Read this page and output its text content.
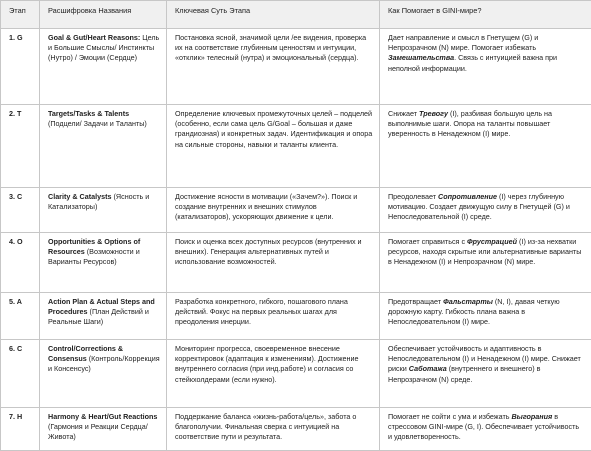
Этап	Расшифровка Названия	Ключевая Суть Этапа	Как Помогает в GINI-мире?
1. G	Goal & Gut/Heart Reasons: Цель и Большие Смыслы/ Инстинкты (Нутро) / Эмоции (Сердце)	Постановка ясной, значимой цели /ее видения, проверка их на соответствие глубинным ценностям и интуиции, «отклик» телесный (нутра) и эмоциональный (сердца).	Дает направление и смысл в Гнетущем (G) и Непрозрачном (N) мире. Помогает избежать Замешательства. Связь с интуицией важна при неполной информации.
2. T	Targets/Tasks & Talents (Подцели/ Задачи и Таланты)	Определение ключевых промежуточных целей – подцелей (особенно, если сама цель G/Goal – большая и даже грандиозная) и конкретных задач. Идентификация и опора на сильные стороны, навыки и таланты клиента.	Снижает Тревогу (I), разбивая большую цель на выполнимые шаги. Опора на таланты повышает уверенность в Ненадежном (I) мире.
3. C	Clarity & Catalysts (Ясность и Катализаторы)	Достижение ясности в мотивации («Зачем?»). Поиск и создание внутренних и внешних стимулов (катализаторов), ускоряющих движение к цели.	Преодолевает Сопротивление (I) через глубинную мотивацию. Создает движущую силу в Гнетущей (G) и Непоследовательной (I) среде.
4. O	Opportunities & Options of Resources (Возможности и Варианты Ресурсов)	Поиск и оценка всех доступных ресурсов (внутренних и внешних). Генерация альтернативных путей и использование возможностей.	Помогает справиться с Фрустрацией (I) из-за нехватки ресурсов, находя скрытые или альтернативные варианты в Ненадежном (I) и Непрозрачном (N) мире.
5. A	Action Plan & Actual Steps and Procedures (План Действий и Реальные Шаги)	Разработка конкретного, гибкого, пошагового плана действий. Фокус на первых реальных шагах для преодоления инерции.	Предотвращает Фальстарты (N, I), давая четкую дорожную карту. Гибкость плана важна в Непоследовательном (I) мире.
6. C	Control/Corrections & Consensus (Контроль/Коррекция и Консенсус)	Мониторинг прогресса, своевременное внесение корректировок (адаптация к изменениям). Достижение внутреннего согласия (при инд.работе) и согласия со стейкхолдерами (если нужно).	Обеспечивает устойчивость и адаптивность в Непоследовательном (I) и Ненадежном (I) мире. Снижает риски Саботажа (внутреннего и внешнего) в Непрозрачном (N) среде.
7. H	Harmony & Heart/Gut Reactions (Гармония и Реакции Сердца/Живота)	Поддержание баланса «жизнь-работа/цель», забота о благополучии. Финальная сверка с интуицией на соответствие пути и результата.	Помогает не сойти с ума и избежать Выгорания в стрессовом GINI-мире (G, I). Обеспечивает устойчивость и удовлетворенность.
